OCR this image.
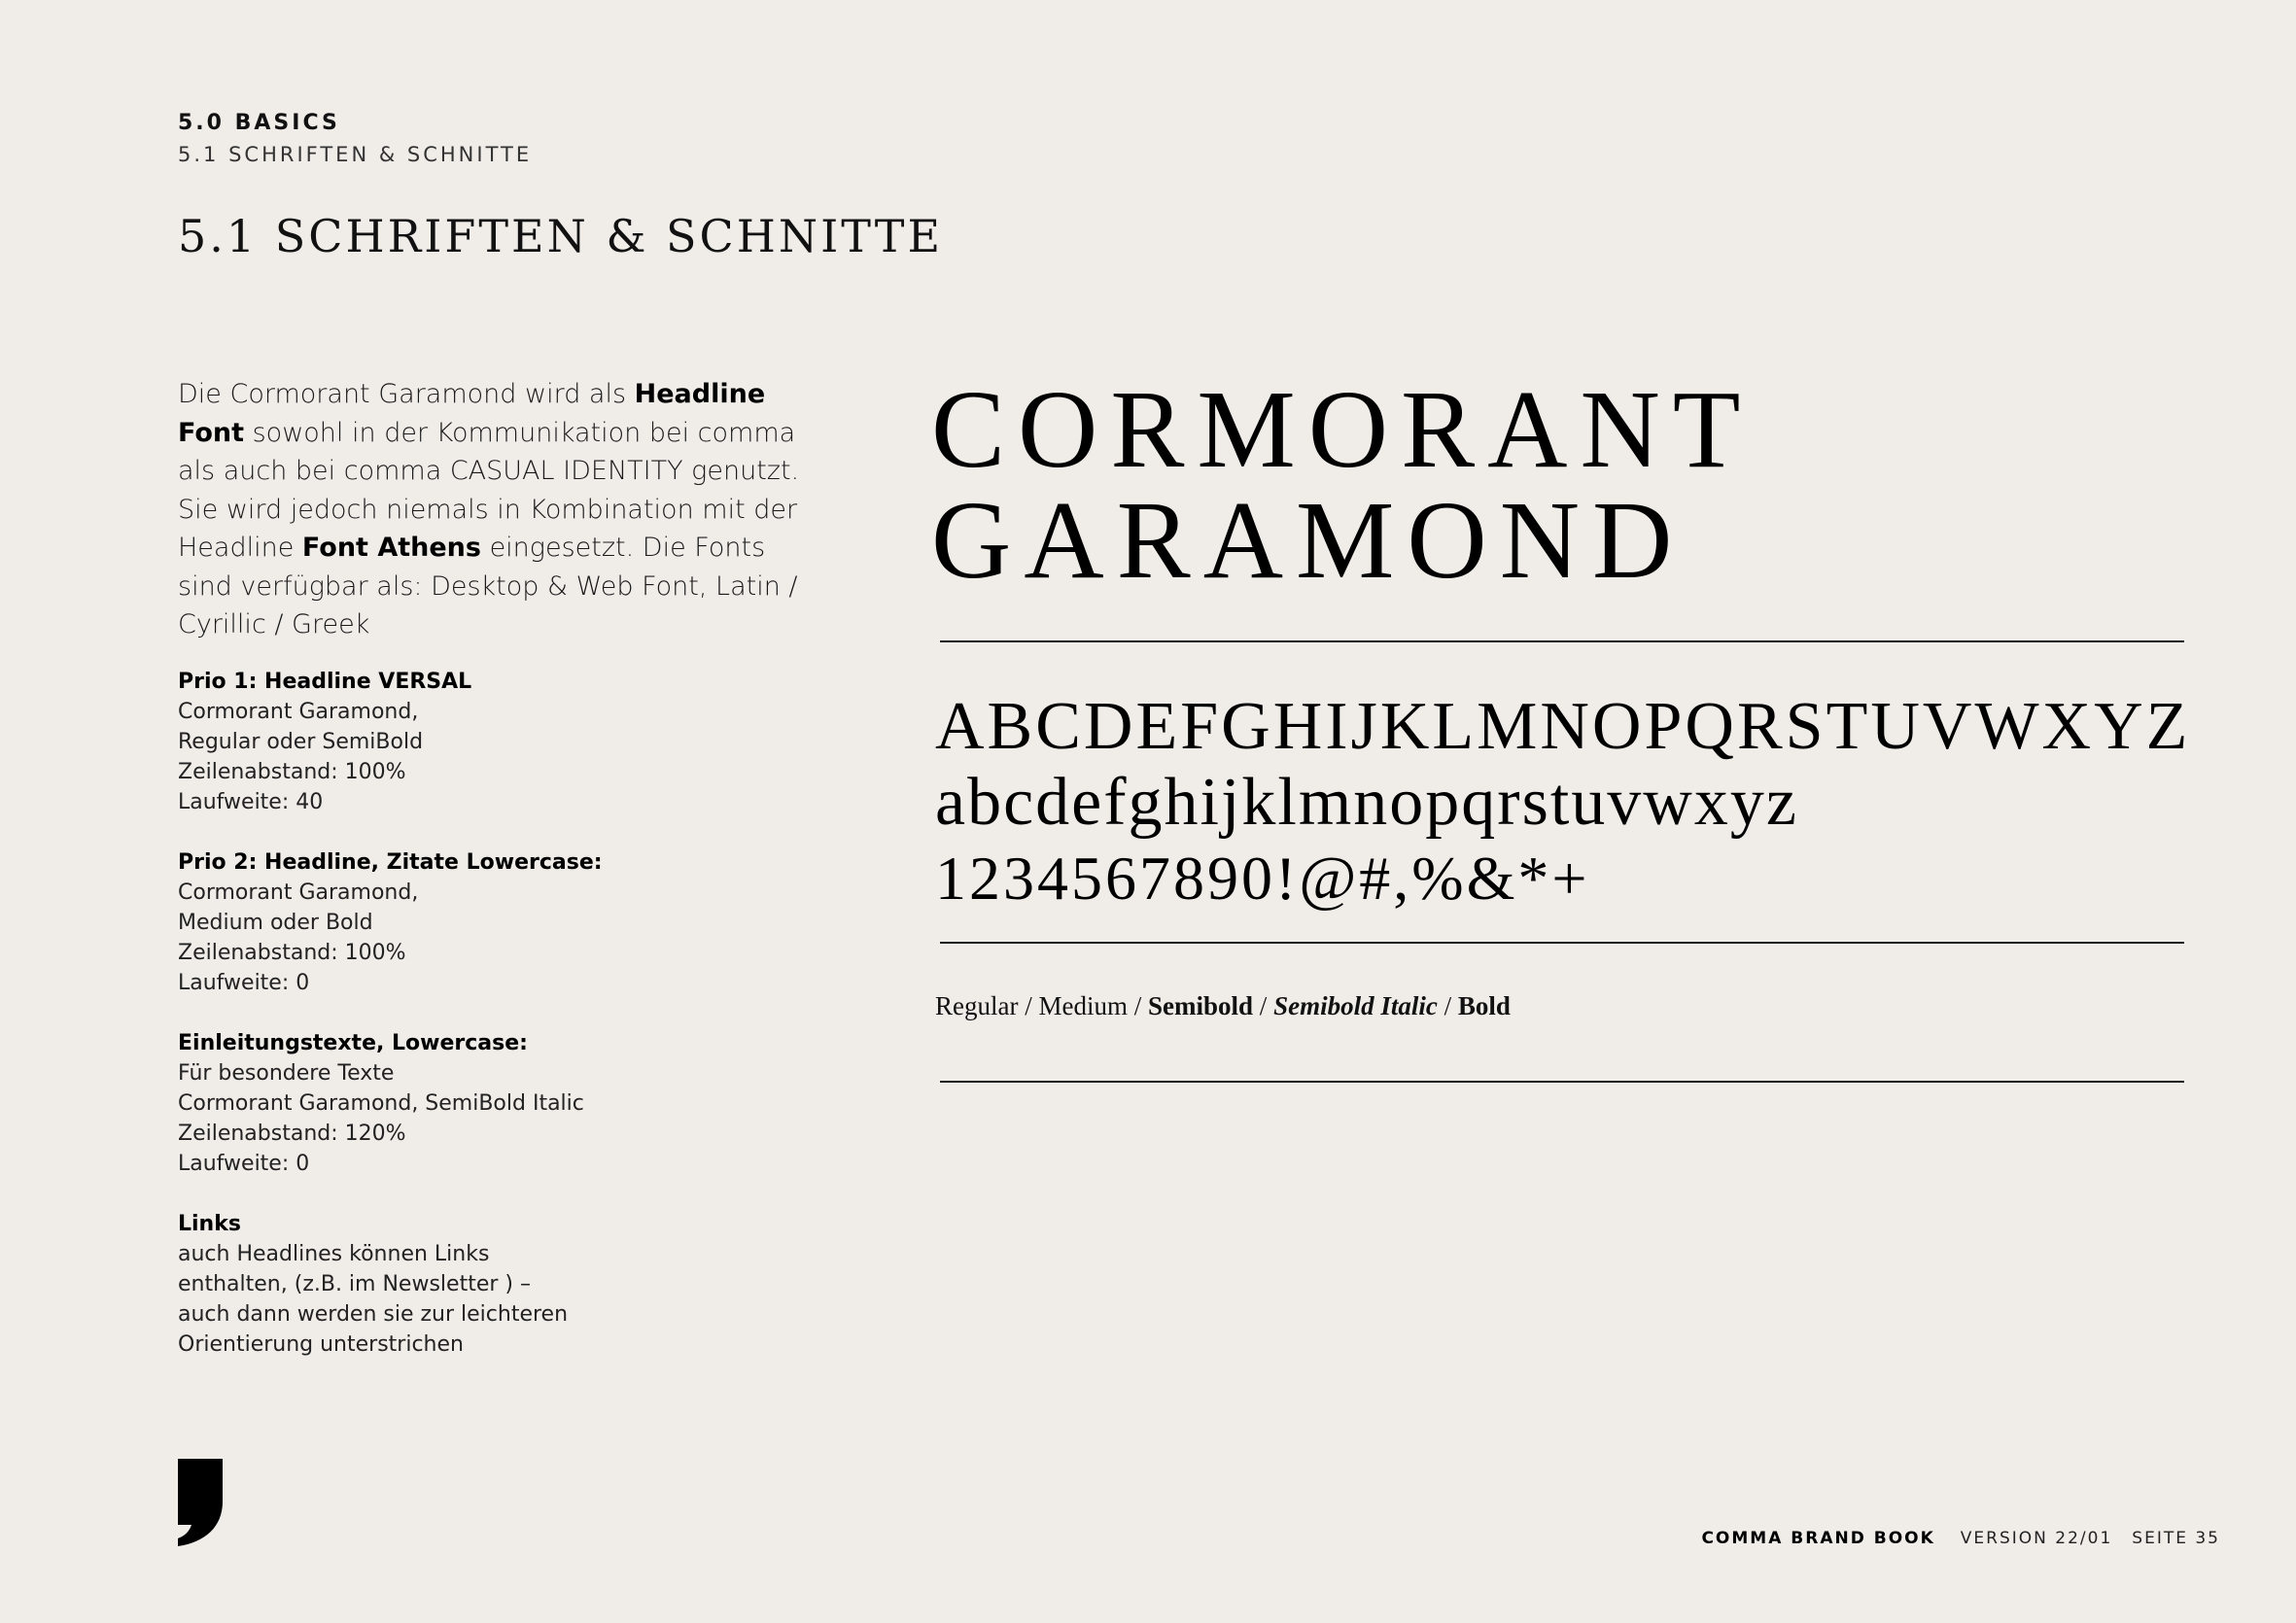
5.0 BASICS
5.1 SCHRIFTEN & SCHNITTE
5.1 SCHRIFTEN & SCHNITTE
Die Cormorant Garamond wird als Headline Font sowohl in der Kommunikation bei comma als auch bei comma CASUAL IDENTITY genutzt. Sie wird jedoch niemals in Kombination mit der Headline Font Athens eingesetzt. Die Fonts sind verfügbar als: Desktop & Web Font, Latin / Cyrillic / Greek
Prio 1: Headline VERSAL
Cormorant Garamond,
Regular oder SemiBold
Zeilenabstand: 100%
Laufweite: 40
Prio 2: Headline, Zitate Lowercase:
Cormorant Garamond,
Medium oder Bold
Zeilenabstand: 100%
Laufweite: 0
Einleitungstexte, Lowercase:
Für besondere Texte
Cormorant Garamond, SemiBold Italic
Zeilenabstand: 120%
Laufweite: 0
Links
auch Headlines können Links
enthalten, (z.B. im Newsletter ) –
auch dann werden sie zur leichteren
Orientierung unterstrichen
CORMORANT
GARAMOND
ABCDEFGHIJKLMNOPQRSTUVWXYZ
abcdefghijklmnopqrstuvwxyz
1234567890!@#,%&*+
Regular / Medium / Semibold / Semibold Italic / Bold
COMMA BRAND BOOK VERSION 22/01 SEITE 35
